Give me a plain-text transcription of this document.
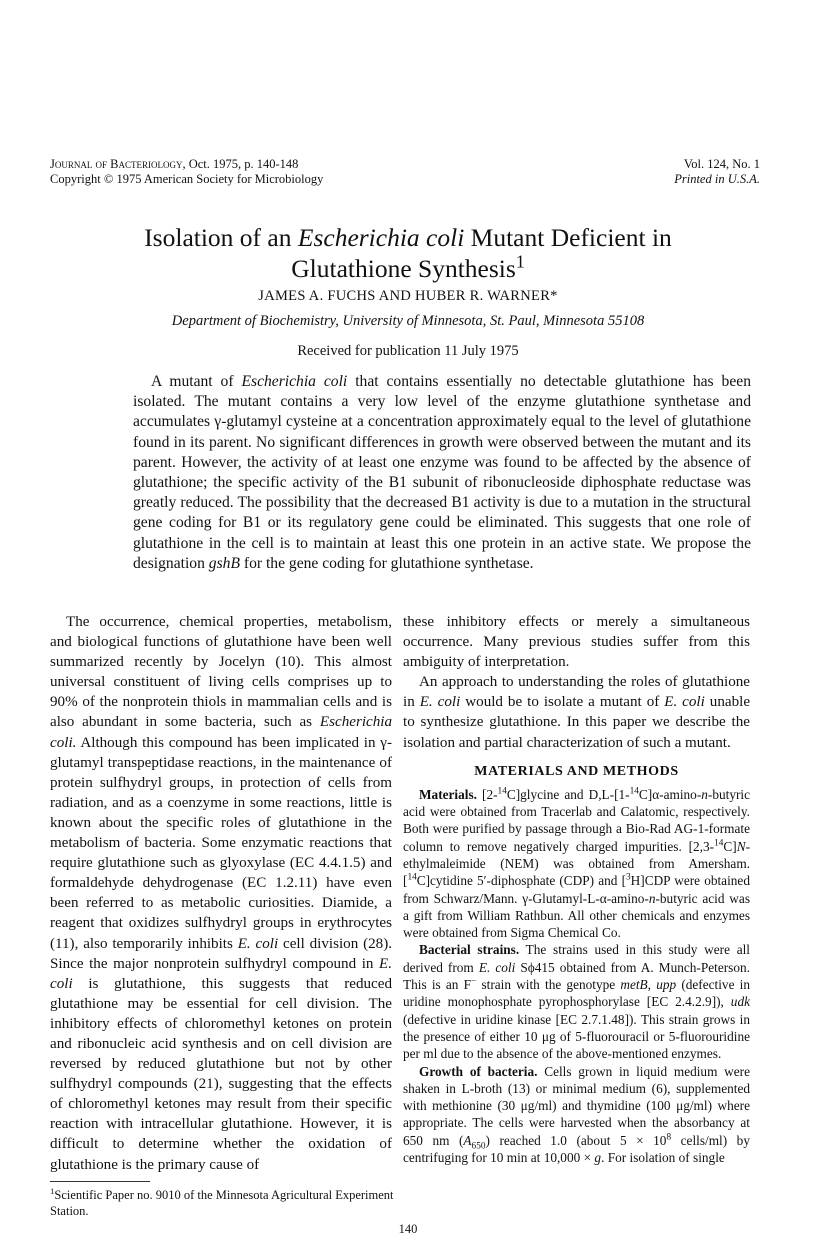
Journal of Bacteriology, Oct. 1975, p. 140-148
Copyright © 1975 American Society for Microbiology
Vol. 124, No. 1
Printed in U.S.A.
Isolation of an Escherichia coli Mutant Deficient in
Glutathione Synthesis$^1$
JAMES A. FUCHS AND HUBER R. WARNER*
Department of Biochemistry, University of Minnesota, St. Paul, Minnesota 55108
Received for publication 11 July 1975

A mutant of Escherichia coli that contains essentially no detectable glutathione has been isolated. The mutant contains a very low level of the enzyme glutathione synthetase and accumulates γ-glutamyl cysteine at a concentration approximately equal to the level of glutathione found in its parent. No significant differences in growth were observed between the mutant and its parent. However, the activity of at least one enzyme was found to be affected by the absence of glutathione; the specific activity of the B1 subunit of ribonucleoside diphosphate reductase was greatly reduced. The possibility that the decreased B1 activity is due to a mutation in the structural gene coding for B1 or its regulatory gene could be eliminated. This suggests that one role of glutathione in the cell is to maintain at least this one protein in an active state. We propose the designation gshB for the gene coding for glutathione synthetase.

The occurrence, chemical properties, metabolism, and biological functions of glutathione have been well summarized recently by Jocelyn (10). This almost universal constituent of living cells comprises up to 90% of the nonprotein thiols in mammalian cells and is also abundant in some bacteria, such as Escherichia coli. Although this compound has been implicated in γ-glutamyl transpeptidase reactions, in the maintenance of protein sulfhydryl groups, in protection of cells from radiation, and as a coenzyme in some reactions, little is known about the specific roles of glutathione in the metabolism of bacteria. Some enzymatic reactions that require glutathione such as glyoxylase (EC 4.4.1.5) and formaldehyde dehydrogenase (EC 1.2.11) have even been referred to as metabolic curiosities. Diamide, a reagent that oxidizes sulfhydryl groups in erythrocytes (11), also temporarily inhibits E. coli cell division (28). Since the major nonprotein sulfhydryl compound in E. coli is glutathione, this suggests that reduced glutathione may be essential for cell division. The inhibitory effects of chloromethyl ketones on protein and ribonucleic acid synthesis and on cell division are reversed by reduced glutathione but not by other sulfhydryl compounds (21), suggesting that the effects of chloromethyl ketones may result from their specific reaction with intracellular glutathione. However, it is difficult to determine whether the oxidation of glutathione is the primary cause of

these inhibitory effects or merely a simultaneous occurrence. Many previous studies suffer from this ambiguity of interpretation.

An approach to understanding the roles of glutathione in E. coli would be to isolate a mutant of E. coli unable to synthesize glutathione. In this paper we describe the isolation and partial characterization of such a mutant.

MATERIALS AND METHODS

Materials. [2-$^{14}$C]glycine and D,L-[1-$^{14}$C]α-amino-n-butyric acid were obtained from Tracerlab and Calatomic, respectively. Both were purified by passage through a Bio-Rad AG-1-formate column to remove negatively charged impurities. [2,3-$^{14}$C]N-ethylmaleimide (NEM) was obtained from Amersham. [$^{14}$C]cytidine 5′-diphosphate (CDP) and [$^3$H]CDP were obtained from Schwarz/Mann. γ-Glutamyl-L-α-amino-n-butyric acid was a gift from William Rathbun. All other chemicals and enzymes were obtained from Sigma Chemical Co.

Bacterial strains. The strains used in this study were all derived from E. coli Sϕ415 obtained from A. Munch-Peterson. This is an F− strain with the genotype metB, upp (defective in uridine monophosphate pyrophosphorylase [EC 2.4.2.9]), udk (defective in uridine kinase [EC 2.7.1.48]). This strain grows in the presence of either 10 μg of 5-fluorouracil or 5-fluorouridine per ml due to the absence of the above-mentioned enzymes.

Growth of bacteria. Cells grown in liquid medium were shaken in L-broth (13) or minimal medium (6), supplemented with methionine (30 μg/ml) and thymidine (100 μg/ml) where appropriate. The cells were harvested when the absorbancy at 650 nm $(A_{650})$ reached 1.0 (about $5 \times 10^8$ cells/ml) by centrifuging for 10 min at 10,000 × g. For isolation of single

$^1$Scientific Paper no. 9010 of the Minnesota Agricultural Experiment Station.
140
